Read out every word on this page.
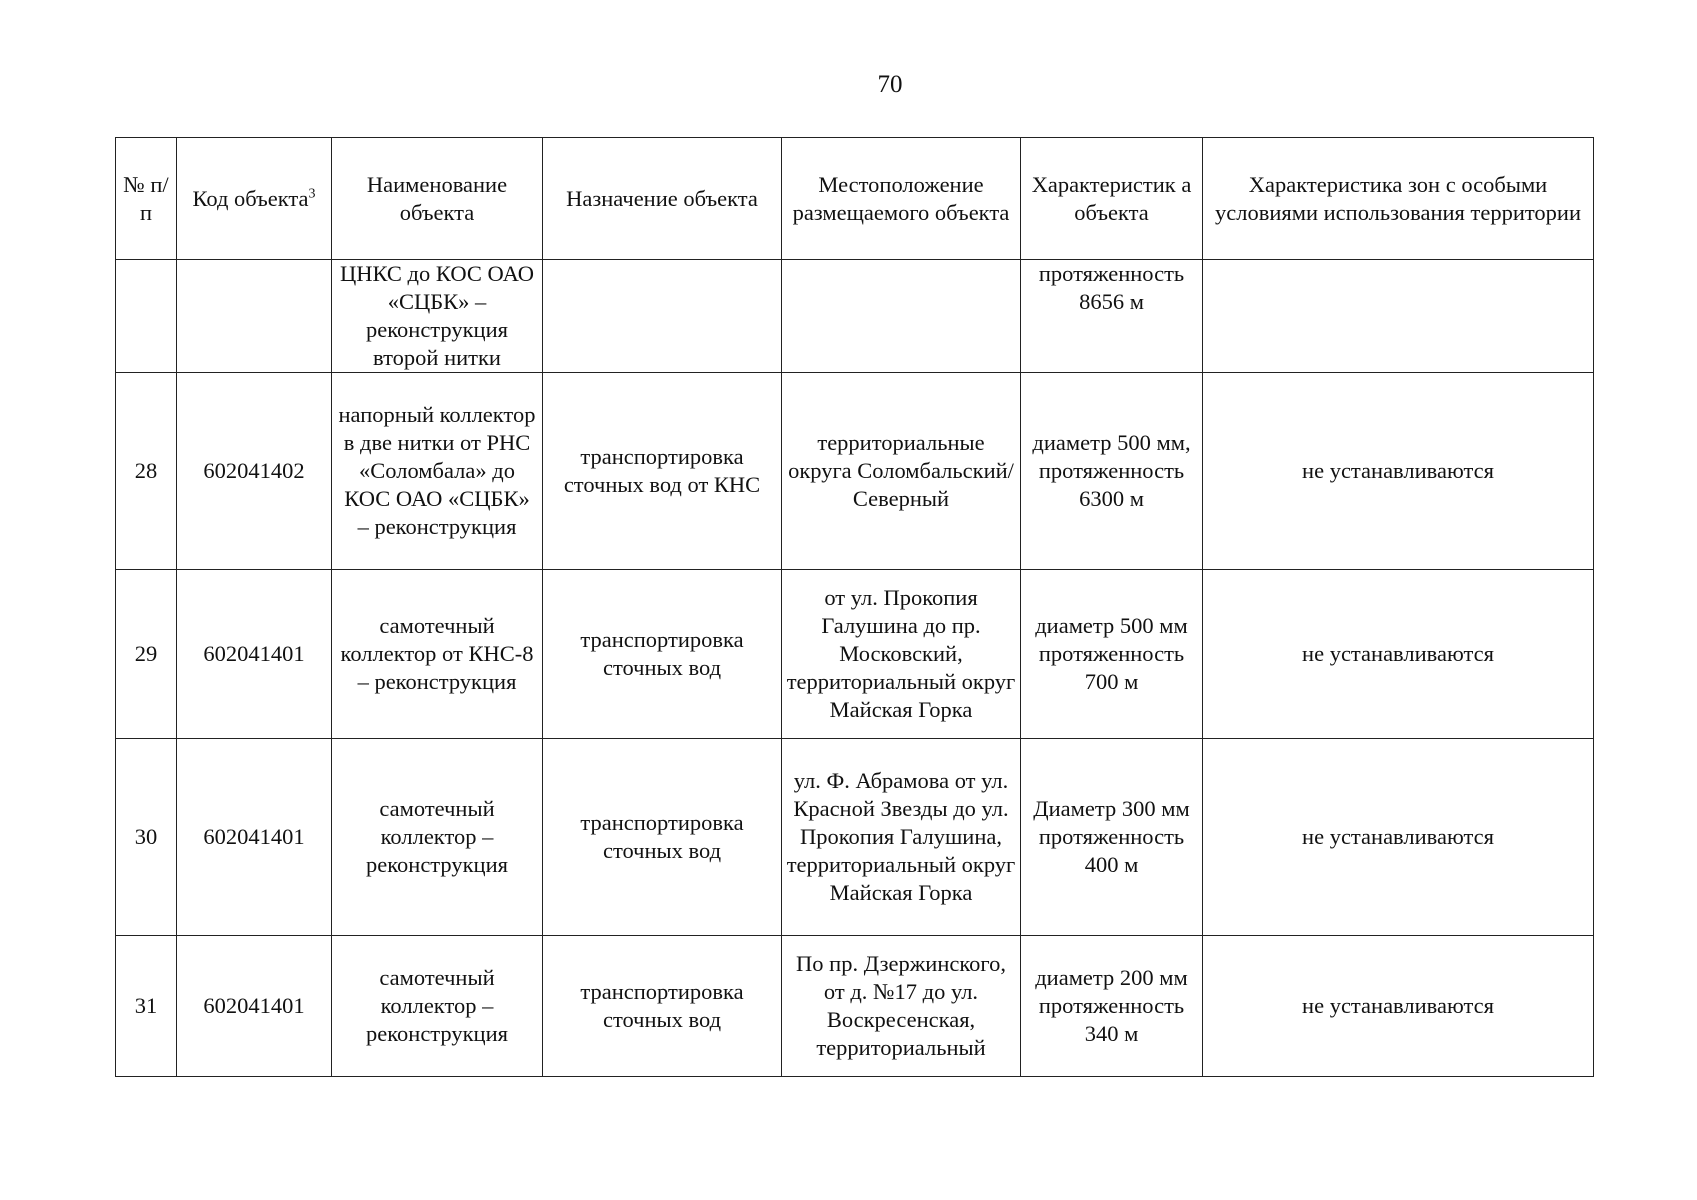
70
№ п/п	Код объекта$^3$	Наименование объекта	Назначение объекта	Местоположение размещаемого объекта	Характеристик а объекта	Характеристика зон с особыми условиями использования территории
		ЦНКС до КОС ОАО «СЦБК» – реконструкция второй нитки			протяженность 8656 м	
28	602041402	напорный коллектор в две нитки от РНС «Соломбала» до КОС ОАО «СЦБК» – реконструкция	транспортировка сточных вод от КНС	территориальные округа Соломбальский/Северный	диаметр 500 мм, протяженность 6300 м	не устанавливаются
29	602041401	самотечный коллектор от КНС-8 – реконструкция	транспортировка сточных вод	от ул. Прокопия Галушина до пр. Московский, территориальный округ Майская Горка	диаметр 500 мм протяженность 700 м	не устанавливаются
30	602041401	самотечный коллектор – реконструкция	транспортировка сточных вод	ул. Ф. Абрамова от ул. Красной Звезды до ул. Прокопия Галушина, территориальный округ Майская Горка	Диаметр 300 мм протяженность 400 м	не устанавливаются
31	602041401	самотечный коллектор – реконструкция	транспортировка сточных вод	По пр. Дзержинского, от д. №17 до ул. Воскресенская, территориальный	диаметр 200 мм протяженность 340 м	не устанавливаются
